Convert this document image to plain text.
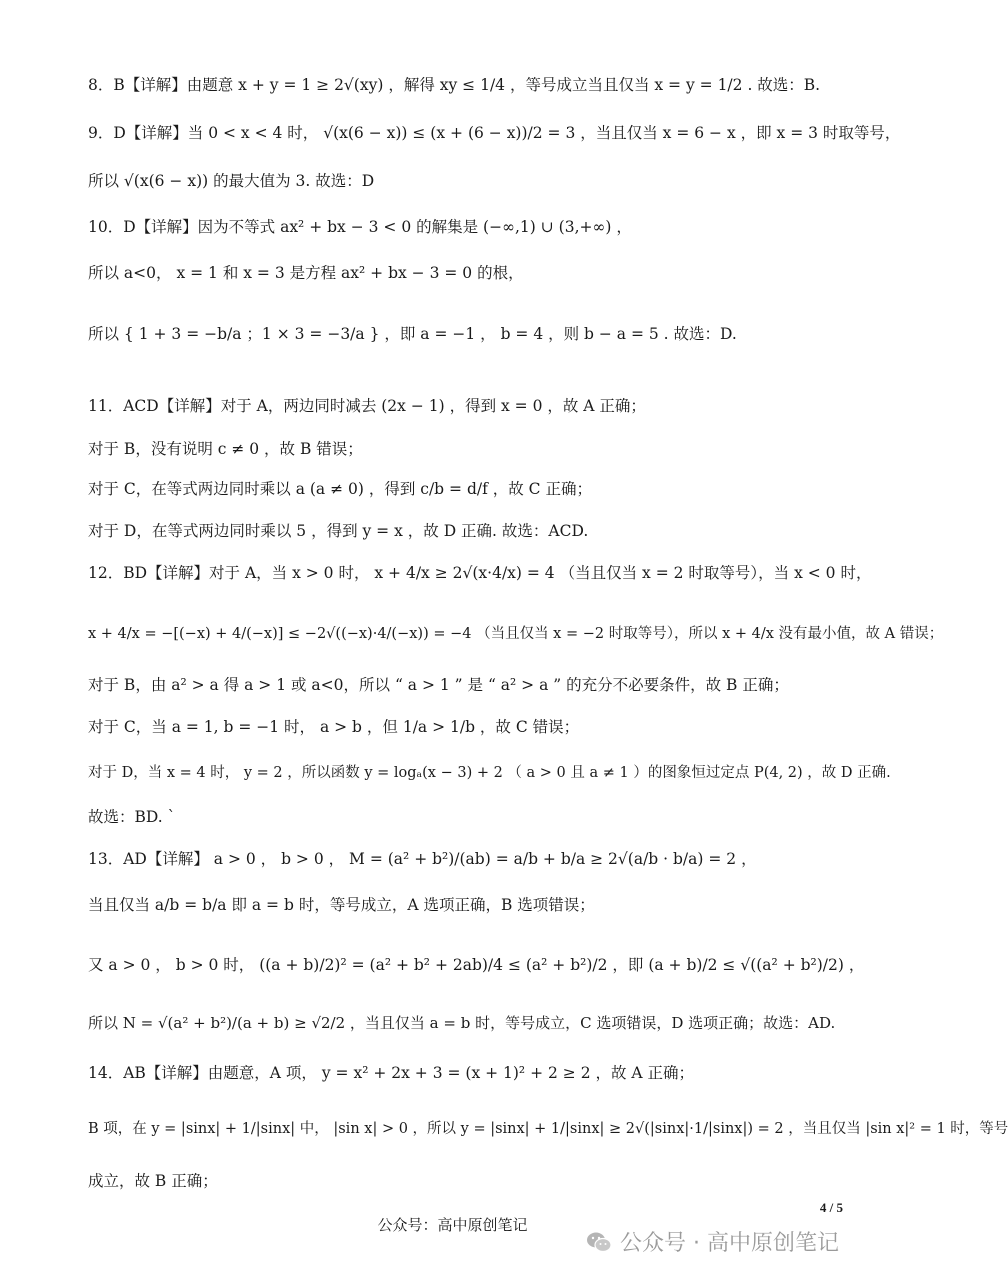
8．B【详解】由题意 x + y = 1 ≥ 2√(xy) ，解得 xy ≤ 1/4 ，等号成立当且仅当 x = y = 1/2 . 故选：B.
9．D【详解】当 0 < x < 4 时， √(x(6 − x)) ≤ (x + (6 − x))/2 = 3 ，当且仅当 x = 6 − x ，即 x = 3 时取等号，
所以 √(x(6 − x)) 的最大值为 3. 故选：D
10．D【详解】因为不等式 ax² + bx − 3 < 0 的解集是 (−∞,1) ∪ (3,+∞) ，
所以 a<0， x = 1 和 x = 3 是方程 ax² + bx − 3 = 0 的根，
所以 { 1 + 3 = −b/a ；1 × 3 = −3/a } ，即 a = −1 ， b = 4 ，则 b − a = 5 . 故选：D.
11．ACD【详解】对于 A，两边同时减去 (2x − 1) ，得到 x = 0 ，故 A 正确；
对于 B，没有说明 c ≠ 0 ，故 B 错误；
对于 C，在等式两边同时乘以 a (a ≠ 0) ，得到 c/b = d/f ，故 C 正确；
对于 D，在等式两边同时乘以 5 ，得到 y = x ，故 D 正确. 故选：ACD.
12．BD【详解】对于 A，当 x > 0 时， x + 4/x ≥ 2√(x·4/x) = 4 （当且仅当 x = 2 时取等号），当 x < 0 时，
x + 4/x = −[(−x) + 4/(−x)] ≤ −2√((−x)·4/(−x)) = −4 （当且仅当 x = −2 时取等号），所以 x + 4/x 没有最小值，故 A 错误；
对于 B，由 a² > a 得 a > 1 或 a<0，所以 “ a > 1 ” 是 “ a² > a ” 的充分不必要条件，故 B 正确；
对于 C，当 a = 1, b = −1 时， a > b ，但 1/a > 1/b ，故 C 错误；
对于 D，当 x = 4 时， y = 2 ，所以函数 y = logₐ(x − 3) + 2 （ a > 0 且 a ≠ 1 ）的图象恒过定点 P(4, 2) ，故 D 正确.
故选：BD. `
13．AD【详解】 a > 0 ， b > 0 ， M = (a² + b²)/(ab) = a/b + b/a ≥ 2√(a/b · b/a) = 2 ，
当且仅当 a/b = b/a 即 a = b 时，等号成立，A 选项正确，B 选项错误；
又 a > 0 ， b > 0 时， ((a + b)/2)² = (a² + b² + 2ab)/4 ≤ (a² + b²)/2 ，即 (a + b)/2 ≤ √((a² + b²)/2) ，
所以 N = √(a² + b²)/(a + b) ≥ √2/2 ，当且仅当 a = b 时，等号成立，C 选项错误，D 选项正确；故选：AD.
14．AB【详解】由题意，A 项， y = x² + 2x + 3 = (x + 1)² + 2 ≥ 2 ，故 A 正确；
B 项，在 y = |sinx| + 1/|sinx| 中， |sin x| > 0 ，所以 y = |sinx| + 1/|sinx| ≥ 2√(|sinx|·1/|sinx|) = 2 ，当且仅当 |sin x|² = 1 时，等号
成立，故 B 正确；
4 / 5
公众号：高中原创笔记
公众号 · 高中原创笔记
